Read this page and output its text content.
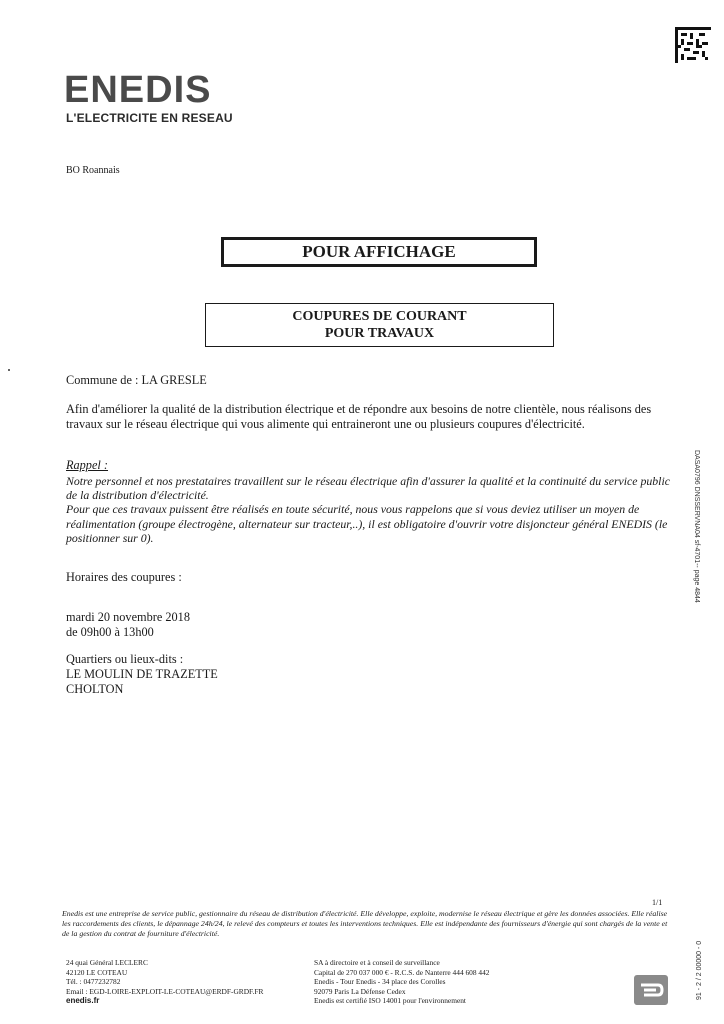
ENEDIS
L'ELECTRICITE EN RESEAU
BO Roannais
POUR AFFICHAGE
COUPURES DE COURANT
POUR TRAVAUX
Commune de : LA GRESLE
Afin d'améliorer la qualité de la distribution électrique et de répondre aux besoins de notre clientèle, nous réalisons des travaux sur le réseau électrique qui vous alimente qui entraineront une ou plusieurs coupures d'électricité.
Rappel :

Notre personnel et nos prestataires travaillent sur le réseau électrique afin d'assurer la qualité et la continuité du service public de la distribution d'électricité.

Pour que ces travaux puissent être réalisés en toute sécurité, nous vous rappelons que si vous deviez utiliser un moyen de réalimentation (groupe électrogène, alternateur sur tracteur,..), il est obligatoire d'ouvrir votre disjoncteur général ENEDIS (le positionner sur 0).

Horaires des coupures :
mardi 20 novembre 2018
de 09h00 à 13h00
Quartiers ou lieux-dits :
LE MOULIN DE TRAZETTE
CHOLTON
DASA0796 DNSSERVNA04 sf-4701-- page 4844
1/1
Enedis est une entreprise de service public, gestionnaire du réseau de distribution d'électricité. Elle développe, exploite, modernise le réseau électrique et gère les données associées. Elle réalise les raccordements des clients, le dépannage 24h/24, le relevé des compteurs et toutes les interventions techniques. Elle est indépendante des fournisseurs d'énergie qui sont chargés de la vente et de la gestion du contrat de fourniture d'électricité.
24 quai Général LECLERC
42120 LE COTEAU
Tél. : 0477232782
Email : EGD-LOIRE-EXPLOIT-LE-COTEAU@ERDF-GRDF.FR
enedis.fr
SA à directoire et à conseil de surveillance
Capital de 270 037 000 € - R.C.S. de Nanterre 444 608 442
Enedis - Tour Enedis - 34 place des Corolles
92079 Paris La Défense Cedex
Enedis est certifié ISO 14001 pour l'environnement
91 - 2 / 2 00000 - 0
